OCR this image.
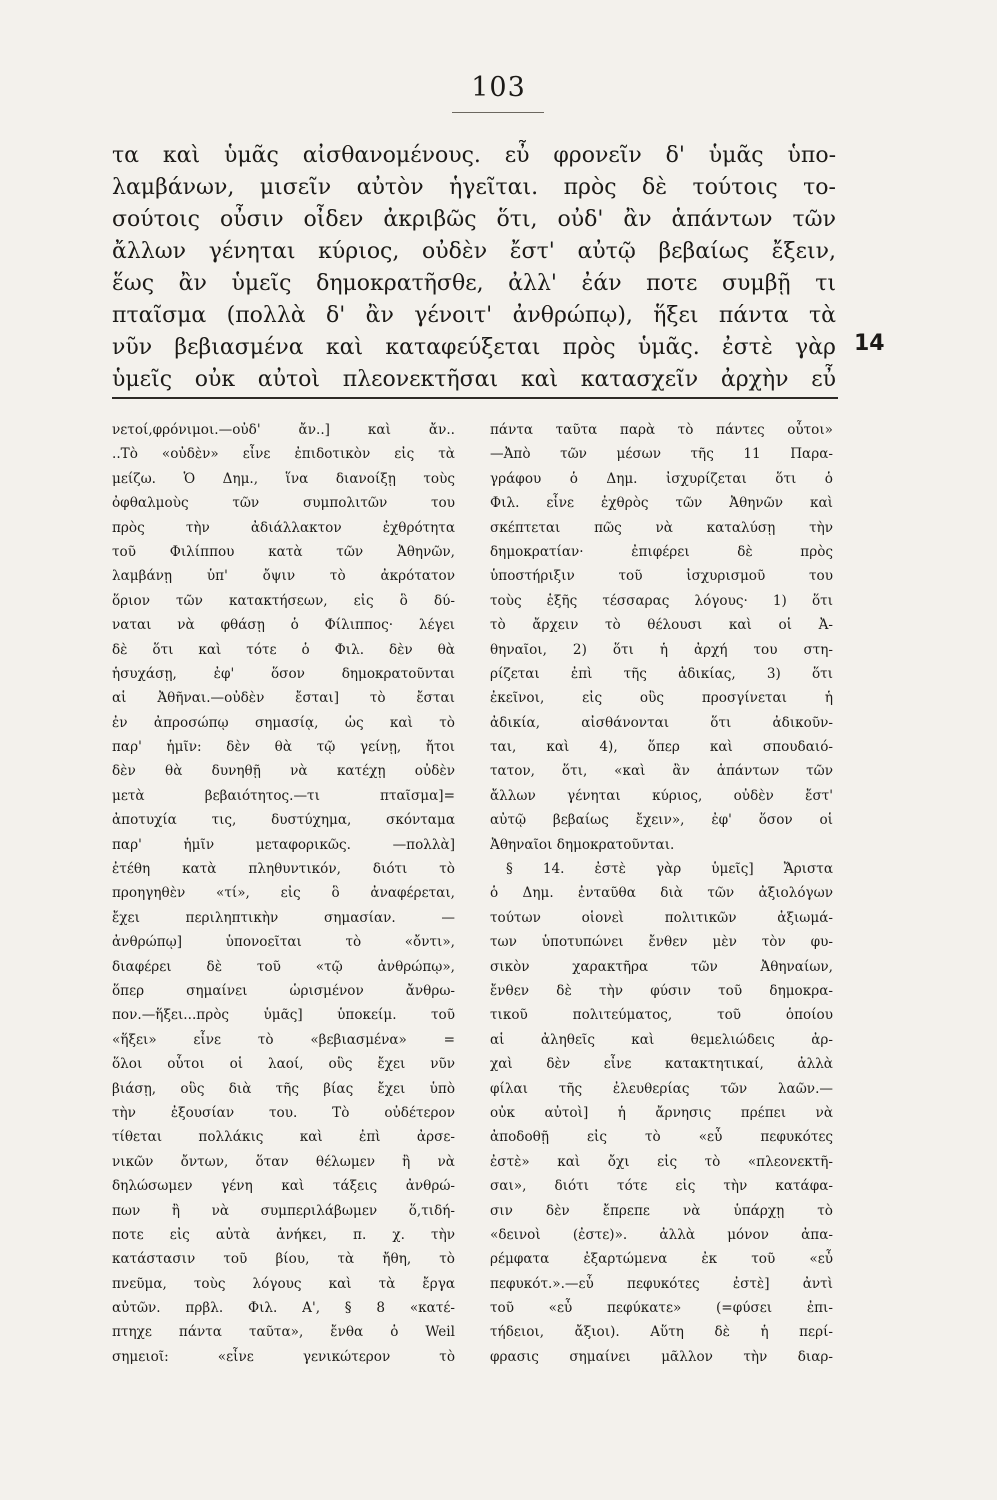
103
τα καὶ ὑμᾶς αἰσθανομένους. εὖ φρονεῖν δ' ὑμᾶς ὑπο-
λαμβάνων, μισεῖν αὐτὸν ἡγεῖται. πρὸς δὲ τούτοις το-
σούτοις οὖσιν οἶδεν ἀκριβῶς ὅτι, οὐδ' ἂν ἁπάντων τῶν
ἄλλων γένηται κύριος, οὐδὲν ἔστ' αὐτῷ βεβαίως ἔξειν,
ἕως ἂν ὑμεῖς δημοκρατῆσθε, ἀλλ' ἐάν ποτε συμβῇ τι
πταῖσμα (πολλὰ δ' ἂν γένοιτ' ἀνθρώπῳ), ἥξει πάντα τὰ
νῦν βεβιασμένα καὶ καταφεύξεται πρὸς ὑμᾶς. ἐστὲ γὰρ
ὑμεῖς οὐκ αὐτοὶ πλεονεκτῆσαι καὶ κατασχεῖν ἀρχὴν εὖ
14
νετοί,φρόνιμοι.—οὐδ' ἄν..] καὶ ἄν..
..Τὸ «οὐδὲν» εἶνε ἐπιδοτικὸν εἰς τὰ
μείζω. Ὁ Δημ., ἵνα διανοίξῃ τοὺς
ὀφθαλμοὺς τῶν συμπολιτῶν του
πρὸς τὴν ἀδιάλλακτον ἐχθρότητα
τοῦ Φιλίππου κατὰ τῶν Ἀθηνῶν,
λαμβάνῃ ὑπ' ὄψιν τὸ ἀκρότατον
ὅριον τῶν κατακτήσεων, εἰς ὃ δύ-
ναται νὰ φθάσῃ ὁ Φίλιππος· λέγει
δὲ ὅτι καὶ τότε ὁ Φιλ. δὲν θὰ
ἡσυχάσῃ, ἐφ' ὅσον δημοκρατοῦνται
αἱ Ἀθῆναι.—οὐδὲν ἔσται] τὸ ἔσται
ἐν ἀπροσώπῳ σημασίᾳ, ὡς καὶ τὸ
παρ' ἡμῖν: δὲν θὰ τῷ γείνῃ, ἤτοι
δὲν θὰ δυνηθῇ νὰ κατέχῃ οὐδὲν
μετὰ βεβαιότητος.—τι πταῖσμα]=
ἀποτυχία τις, δυστύχημα, σκόνταμα
παρ' ἡμῖν μεταφορικῶς. —πολλὰ]
ἐτέθη κατὰ πληθυντικόν, διότι τὸ
προηγηθὲν «τί», εἰς ὃ ἀναφέρεται,
ἔχει περιληπτικὴν σημασίαν. —
ἀνθρώπῳ] ὑπονοεῖται τὸ «ὄντι»,
διαφέρει δὲ τοῦ «τῷ ἀνθρώπῳ»,
ὅπερ σημαίνει ὡρισμένον ἄνθρω-
πον.—ἥξει...πρὸς ὑμᾶς] ὑποκείμ. τοῦ
«ἥξει» εἶνε τὸ «βεβιασμένα» =
ὅλοι οὗτοι οἱ λαοί, οὓς ἔχει νῦν
βιάσῃ, οὓς διὰ τῆς βίας ἔχει ὑπὸ
τὴν ἐξουσίαν του. Τὸ οὐδέτερον
τίθεται πολλάκις καὶ ἐπὶ ἀρσε-
νικῶν ὄντων, ὅταν θέλωμεν ἢ νὰ
δηλώσωμεν γένη καὶ τάξεις ἀνθρώ-
πων ἢ νὰ συμπεριλάβωμεν ὅ,τιδή-
ποτε εἰς αὐτὰ ἀνήκει, π. χ. τὴν
κατάστασιν τοῦ βίου, τὰ ἤθη, τὸ
πνεῦμα, τοὺς λόγους καὶ τὰ ἔργα
αὐτῶν. πρβλ. Φιλ. Α', § 8 «κατέ-
πτηχε πάντα ταῦτα», ἔνθα ὁ Weil
σημειοῖ: «εἶνε γενικώτερον τὸ
πάντα ταῦτα παρὰ τὸ πάντες οὗτοι»
—Ἀπὸ τῶν μέσων τῆς 11 Παρα-
γράφου ὁ Δημ. ἰσχυρίζεται ὅτι ὁ
Φιλ. εἶνε ἐχθρὸς τῶν Ἀθηνῶν καὶ
σκέπτεται πῶς νὰ καταλύσῃ τὴν
δημοκρατίαν· ἐπιφέρει δὲ πρὸς
ὑποστήριξιν τοῦ ἰσχυρισμοῦ του
τοὺς ἑξῆς τέσσαρας λόγους· 1) ὅτι
τὸ ἄρχειν τὸ θέλουσι καὶ οἱ Ἀ-
θηναῖοι, 2) ὅτι ἡ ἀρχή του στη-
ρίζεται ἐπὶ τῆς ἀδικίας, 3) ὅτι
ἐκεῖνοι, εἰς οὓς προσγίνεται ἡ
ἀδικία, αἰσθάνονται ὅτι ἀδικοῦν-
ται, καὶ 4), ὅπερ καὶ σπουδαιό-
τατον, ὅτι, «καὶ ἂν ἁπάντων τῶν
ἄλλων γένηται κύριος, οὐδὲν ἔστ'
αὐτῷ βεβαίως ἔχειν», ἐφ' ὅσον οἱ
Ἀθηναῖοι δημοκρατοῦνται.
§ 14. ἐστὲ γὰρ ὑμεῖς] Ἄριστα
ὁ Δημ. ἐνταῦθα διὰ τῶν ἀξιολόγων
τούτων οἱονεὶ πολιτικῶν ἀξιωμά-
των ὑποτυπώνει ἔνθεν μὲν τὸν φυ-
σικὸν χαρακτῆρα τῶν Ἀθηναίων,
ἔνθεν δὲ τὴν φύσιν τοῦ δημοκρα-
τικοῦ πολιτεύματος, τοῦ ὁποίου
αἱ ἀληθεῖς καὶ θεμελιώδεις ἀρ-
χαὶ δὲν εἶνε κατακτητικαί, ἀλλὰ
φίλαι τῆς ἐλευθερίας τῶν λαῶν.—
οὐκ αὐτοὶ] ἡ ἄρνησις πρέπει νὰ
ἀποδοθῇ εἰς τὸ «εὖ πεφυκότες
ἐστὲ» καὶ ὄχι εἰς τὸ «πλεονεκτῆ-
σαι», διότι τότε εἰς τὴν κατάφα-
σιν δὲν ἔπρεπε νὰ ὑπάρχῃ τὸ
«δεινοὶ (ἐστε)». ἀλλὰ μόνον ἀπα-
ρέμφατα ἐξαρτώμενα ἐκ τοῦ «εὖ
πεφυκότ.».—εὖ πεφυκότες ἐστὲ] ἀντὶ
τοῦ «εὖ πεφύκατε» (=φύσει ἐπι-
τήδειοι, ἄξιοι). Αὕτη δὲ ἡ περί-
φρασις σημαίνει μᾶλλον τὴν διαρ-
